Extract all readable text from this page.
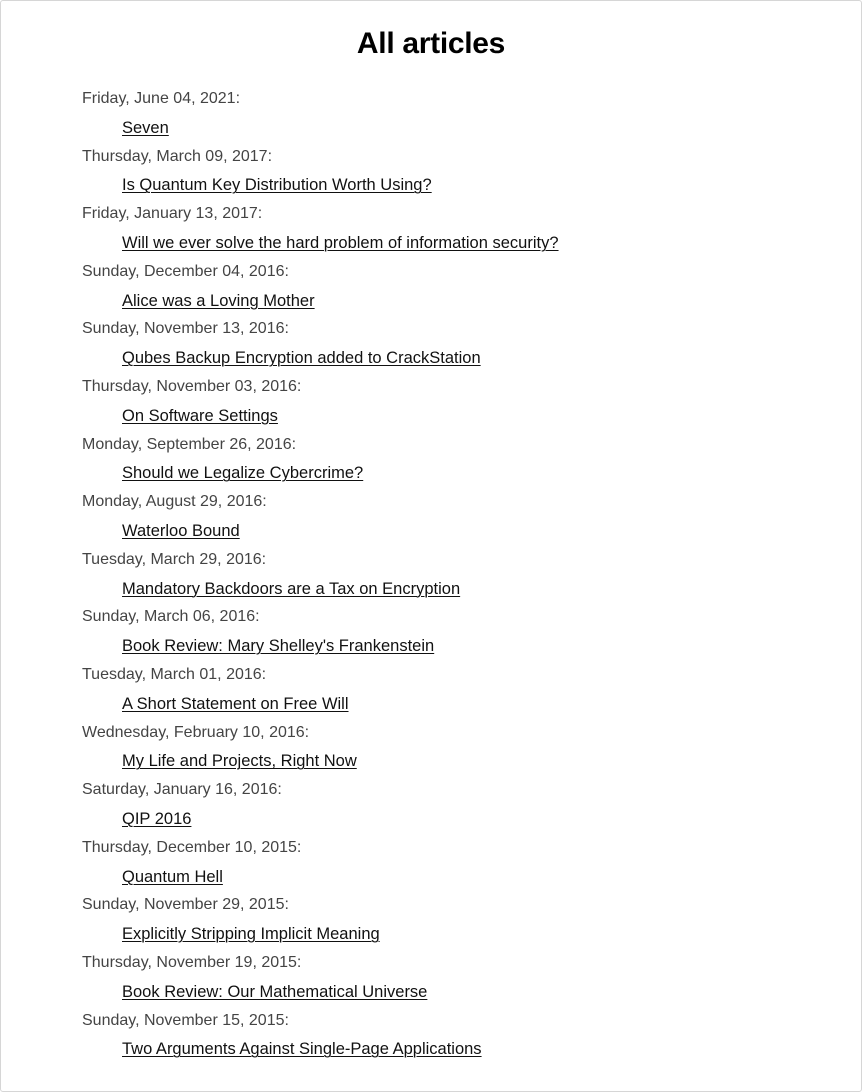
All articles
Friday, June 04, 2021:
Seven
Thursday, March 09, 2017:
Is Quantum Key Distribution Worth Using?
Friday, January 13, 2017:
Will we ever solve the hard problem of information security?
Sunday, December 04, 2016:
Alice was a Loving Mother
Sunday, November 13, 2016:
Qubes Backup Encryption added to CrackStation
Thursday, November 03, 2016:
On Software Settings
Monday, September 26, 2016:
Should we Legalize Cybercrime?
Monday, August 29, 2016:
Waterloo Bound
Tuesday, March 29, 2016:
Mandatory Backdoors are a Tax on Encryption
Sunday, March 06, 2016:
Book Review: Mary Shelley's Frankenstein
Tuesday, March 01, 2016:
A Short Statement on Free Will
Wednesday, February 10, 2016:
My Life and Projects, Right Now
Saturday, January 16, 2016:
QIP 2016
Thursday, December 10, 2015:
Quantum Hell
Sunday, November 29, 2015:
Explicitly Stripping Implicit Meaning
Thursday, November 19, 2015:
Book Review: Our Mathematical Universe
Sunday, November 15, 2015:
Two Arguments Against Single-Page Applications
